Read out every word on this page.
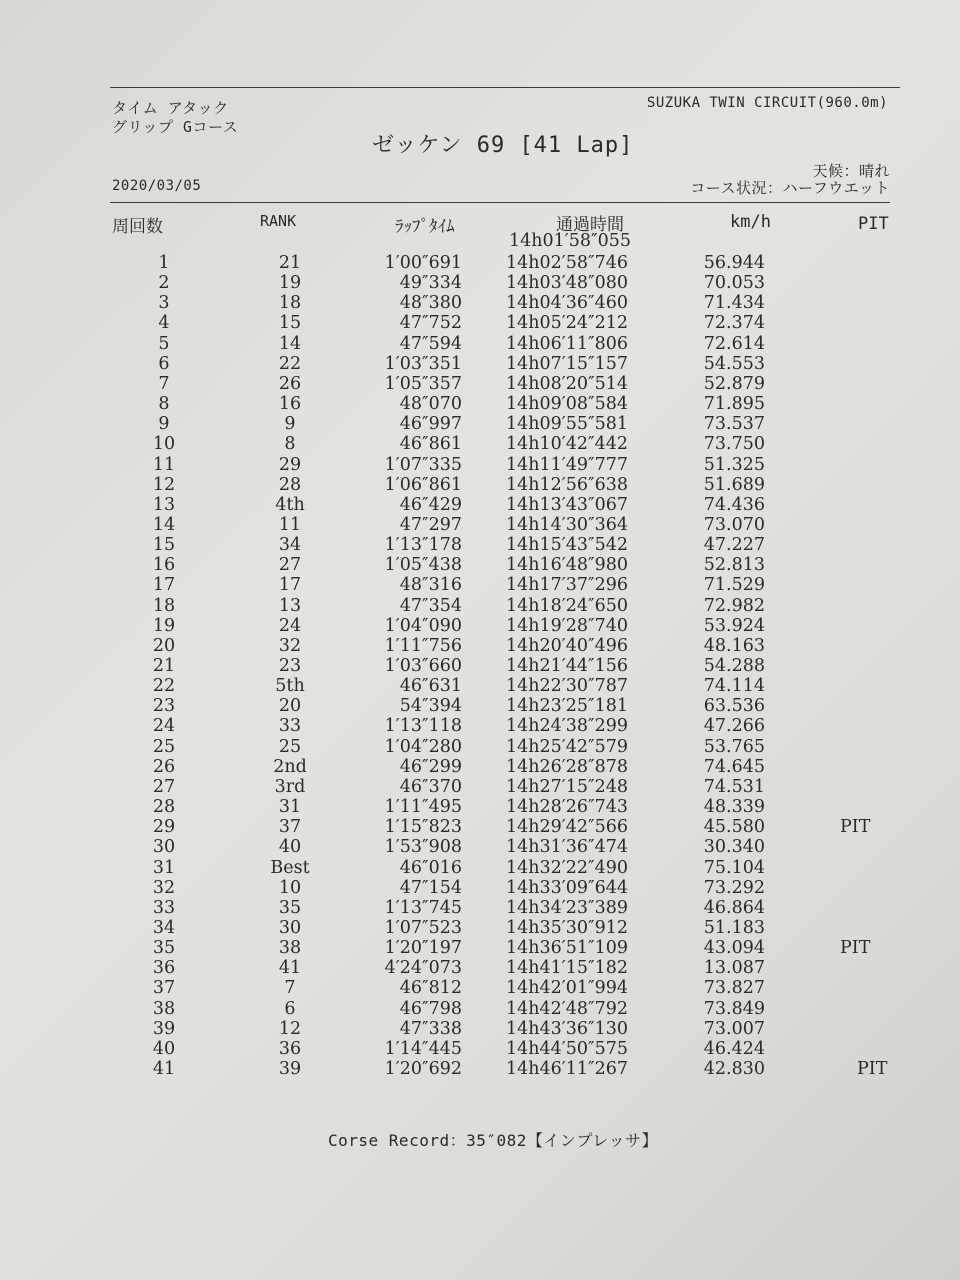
タイム アタック
グリップ Gコース
SUZUKA TWIN CIRCUIT(960.0m)
ゼッケン 69 [41 Lap]
天候：晴れ
コース状況：ハーフウエット
2020/03/05
周回数	RANK	ﾗｯﾌﾟﾀｲﾑ	通過時間	km/h	PIT
14h01′58″055
1	21	1′00″691	14h02′58″746	56.944
2	19	49″334	14h03′48″080	70.053
3	18	48″380	14h04′36″460	71.434
4	15	47″752	14h05′24″212	72.374
5	14	47″594	14h06′11″806	72.614
6	22	1′03″351	14h07′15″157	54.553
7	26	1′05″357	14h08′20″514	52.879
8	16	48″070	14h09′08″584	71.895
9	9	46″997	14h09′55″581	73.537
10	8	46″861	14h10′42″442	73.750
11	29	1′07″335	14h11′49″777	51.325
12	28	1′06″861	14h12′56″638	51.689
13	4th	46″429	14h13′43″067	74.436
14	11	47″297	14h14′30″364	73.070
15	34	1′13″178	14h15′43″542	47.227
16	27	1′05″438	14h16′48″980	52.813
17	17	48″316	14h17′37″296	71.529
18	13	47″354	14h18′24″650	72.982
19	24	1′04″090	14h19′28″740	53.924
20	32	1′11″756	14h20′40″496	48.163
21	23	1′03″660	14h21′44″156	54.288
22	5th	46″631	14h22′30″787	74.114
23	20	54″394	14h23′25″181	63.536
24	33	1′13″118	14h24′38″299	47.266
25	25	1′04″280	14h25′42″579	53.765
26	2nd	46″299	14h26′28″878	74.645
27	3rd	46″370	14h27′15″248	74.531
28	31	1′11″495	14h28′26″743	48.339
29	37	1′15″823	14h29′42″566	45.580	PIT
30	40	1′53″908	14h31′36″474	30.340
31	Best	46″016	14h32′22″490	75.104
32	10	47″154	14h33′09″644	73.292
33	35	1′13″745	14h34′23″389	46.864
34	30	1′07″523	14h35′30″912	51.183
35	38	1′20″197	14h36′51″109	43.094	PIT
36	41	4′24″073	14h41′15″182	13.087
37	7	46″812	14h42′01″994	73.827
38	6	46″798	14h42′48″792	73.849
39	12	47″338	14h43′36″130	73.007
40	36	1′14″445	14h44′50″575	46.424
41	39	1′20″692	14h46′11″267	42.830	PIT
Corse Record：35″082【インプレッサ】
